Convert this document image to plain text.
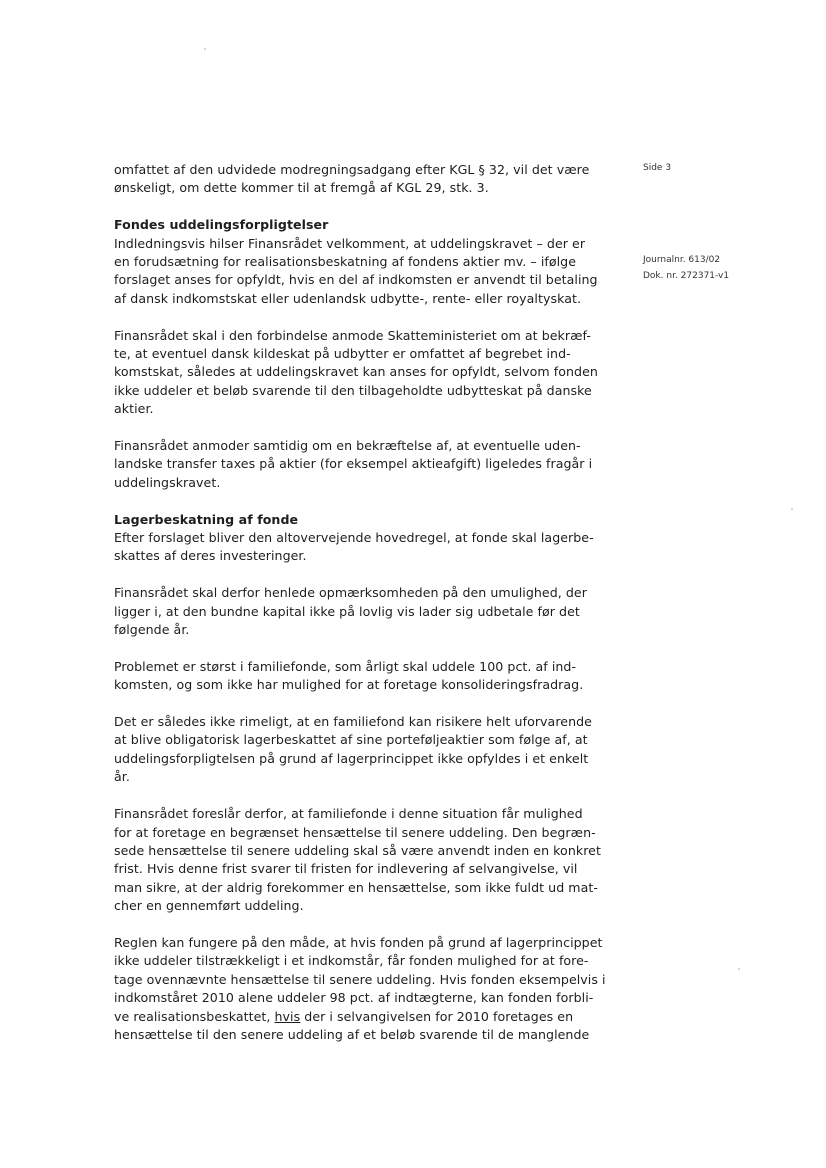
Side 3
Journalnr. 613/02
Dok. nr. 272371-v1
omfattet af den udvidede modregningsadgang efter KGL § 32, vil det være
ønskeligt, om dette kommer til at fremgå af KGL 29, stk. 3.
Fondes uddelingsforpligtelser
Indledningsvis hilser Finansrådet velkomment, at uddelingskravet – der er
en forudsætning for realisationsbeskatning af fondens aktier mv. – ifølge
forslaget anses for opfyldt, hvis en del af indkomsten er anvendt til betaling
af dansk indkomstskat eller udenlandsk udbytte-, rente- eller royaltyskat.
Finansrådet skal i den forbindelse anmode Skatteministeriet om at bekræf-
te, at eventuel dansk kildeskat på udbytter er omfattet af begrebet ind-
komstskat, således at uddelingskravet kan anses for opfyldt, selvom fonden
ikke uddeler et beløb svarende til den tilbageholdte udbytteskat på danske
aktier.
Finansrådet anmoder samtidig om en bekræftelse af, at eventuelle uden-
landske transfer taxes på aktier (for eksempel aktieafgift) ligeledes fragår i
uddelingskravet.
Lagerbeskatning af fonde
Efter forslaget bliver den altovervejende hovedregel, at fonde skal lagerbe-
skattes af deres investeringer.
Finansrådet skal derfor henlede opmærksomheden på den umulighed, der
ligger i, at den bundne kapital ikke på lovlig vis lader sig udbetale før det
følgende år.
Problemet er størst i familiefonde, som årligt skal uddele 100 pct. af ind-
komsten, og som ikke har mulighed for at foretage konsolideringsfradrag.
Det er således ikke rimeligt, at en familiefond kan risikere helt uforvarende
at blive obligatorisk lagerbeskattet af sine porteføljeaktier som følge af, at
uddelingsforpligtelsen på grund af lagerprincippet ikke opfyldes i et enkelt
år.
Finansrådet foreslår derfor, at familiefonde i denne situation får mulighed
for at foretage en begrænset hensættelse til senere uddeling. Den begræn-
sede hensættelse til senere uddeling skal så være anvendt inden en konkret
frist. Hvis denne frist svarer til fristen for indlevering af selvangivelse, vil
man sikre, at der aldrig forekommer en hensættelse, som ikke fuldt ud mat-
cher en gennemført uddeling.
Reglen kan fungere på den måde, at hvis fonden på grund af lagerprincippet
ikke uddeler tilstrækkeligt i et indkomstår, får fonden mulighed for at fore-
tage ovennævnte hensættelse til senere uddeling. Hvis fonden eksempelvis i
indkomståret 2010 alene uddeler 98 pct. af indtægterne, kan fonden forbli-
ve realisationsbeskattet, hvis der i selvangivelsen for 2010 foretages en
hensættelse til den senere uddeling af et beløb svarende til de manglende
